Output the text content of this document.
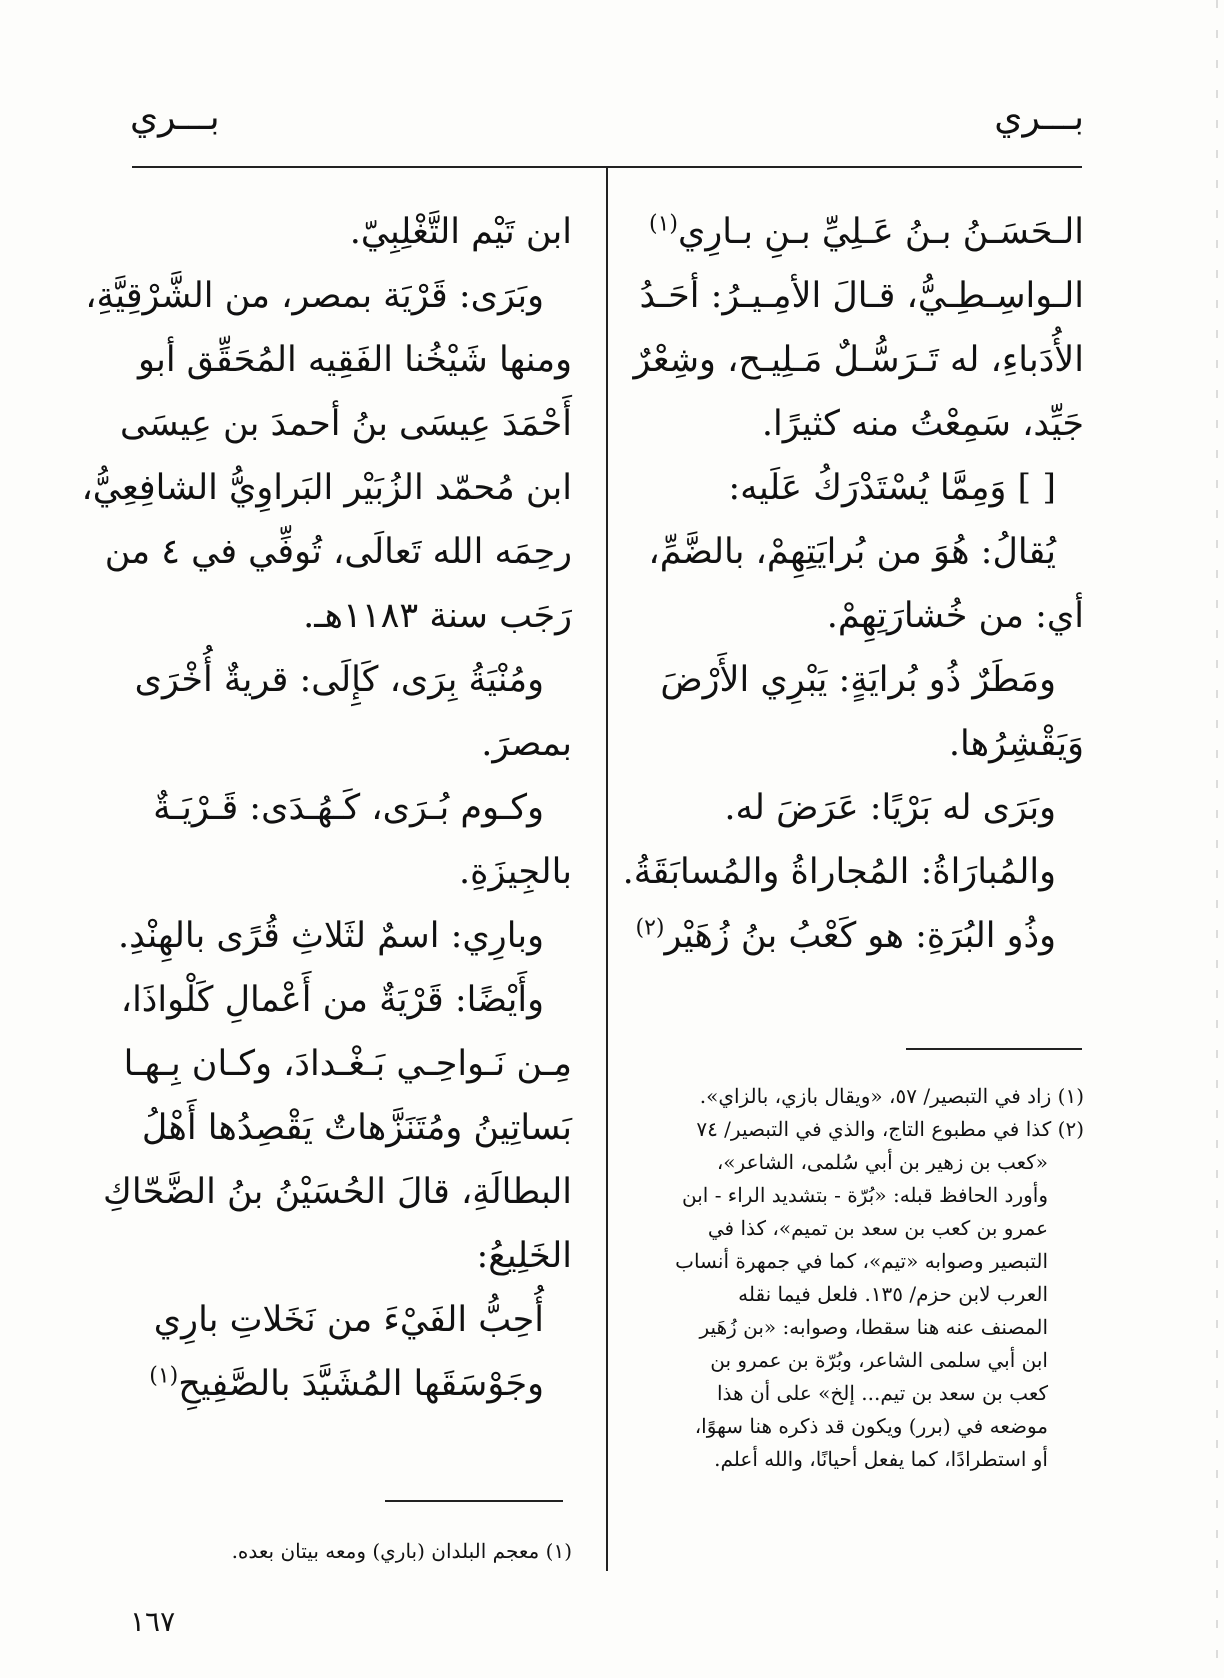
بـــري
بـــري
الـحَسَـنُ بـنُ عَـلِيِّ بـنِ بـارِي$^{(١)}$
الـواسِـطِـيُّ، قـالَ الأمِـيـرُ: أحَـدُ
الأُدَباءِ، له تَـرَسُّـلٌ مَـلِيـح، وشِعْرٌ
جَيِّد، سَمِعْتُ منه كثيرًا.
[ ] وَمِمَّا يُسْتَدْرَكُ عَلَيه:
يُقالُ: هُوَ من بُرايَتِهِمْ، بالضَّمِّ،
أي: من خُشارَتِهِمْ.
ومَطَرٌ ذُو بُرايَةٍ: يَبْرِي الأَرْضَ
وَيَقْشِرُها.
وبَرَى له بَرْيًا: عَرَضَ له.
والمُبارَاةُ: المُجاراةُ والمُسابَقَةُ.
وذُو البُرَةِ: هو كَعْبُ بنُ زُهَيْر$^{(٢)}$
(١) زاد في التبصير/ ٥٧، «ويقال بازي، بالزاي».
(٢) كذا في مطبوع التاج، والذي في التبصير/ ٧٤
«كعب بن زهير بن أبي سُلمى، الشاعر»،
وأورد الحافظ قبله: «بُرّة - بتشديد الراء - ابن
عمرو بن كعب بن سعد بن تميم»، كذا في
التبصير وصوابه «تيم»، كما في جمهرة أنساب
العرب لابن حزم/ ١٣٥. فلعل فيما نقله
المصنف عنه هنا سقطا، وصوابه: «بن زُهَير
ابن أبي سلمى الشاعر، وبُرّة بن عمرو بن
كعب بن سعد بن تيم... إلخ» على أن هذا
موضعه في (برر) ويكون قد ذكره هنا سهوًا،
أو استطرادًا، كما يفعل أحيانًا، والله أعلم.
ابن تَيْم التَّغْلِبِيّ.
وبَرَى: قَرْيَة بمصر، من الشَّرْقِيَّةِ،
ومنها شَيْخُنا الفَقِيه المُحَقِّق أبو
أَحْمَدَ عِيسَى بنُ أحمدَ بن عِيسَى
ابن مُحمّد الزُبَيْر البَراوِيُّ الشافِعِيُّ،
رحِمَه الله تَعالَى، تُوفِّي في ٤ من
رَجَب سنة ١١٨٣هـ.
ومُنْيَةُ بِرَى، كَإِلَى: قريةٌ أُخْرَى
بمصرَ.
وكـوم بُـرَى، كَـهُـدَى: قَـرْيَـةٌ
بالجِيزَةِ.
وبارِي: اسمٌ لثَلاثِ قُرًى بالهِنْدِ.
وأَيْضًا: قَرْيَةٌ من أَعْمالِ كَلْواذَا،
مِـن نَـواحِـي بَـغْـدادَ، وكـان بِـهـا
بَساتِينُ ومُتَنَزَّهاتٌ يَقْصِدُها أَهْلُ
البطالَةِ، قالَ الحُسَيْنُ بنُ الضَّحّاكِ
الخَلِيعُ:
أُحِبُّ الفَيْءَ من نَخَلاتِ بارِي
وجَوْسَقَها المُشَيَّدَ بالصَّفِيحِ$^{(١)}$
(١) معجم البلدان (باري) ومعه بيتان بعده.
١٦٧
